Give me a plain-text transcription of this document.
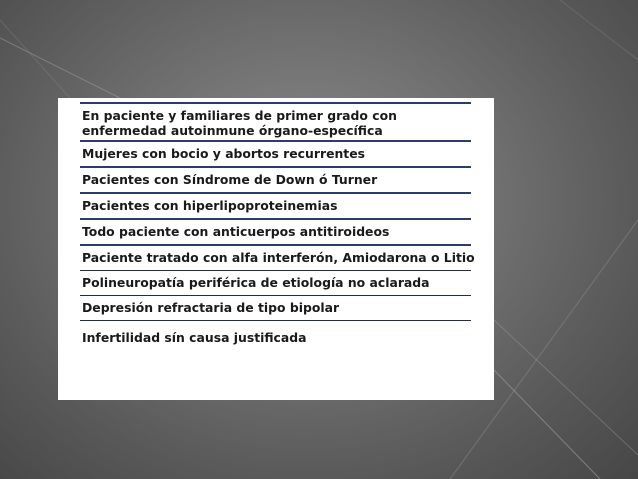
En paciente y familiares de primer grado con enfermedad autoinmune órgano-específica
Mujeres con bocio y abortos recurrentes
Pacientes con Síndrome de Down ó Turner
Pacientes con hiperlipoproteinemias
Todo paciente con anticuerpos antitiroideos
Paciente tratado con alfa interferón, Amiodarona o Litio
Polineuropatía periférica de etiología no aclarada
Depresión refractaria de tipo bipolar
Infertilidad sín causa justificada
